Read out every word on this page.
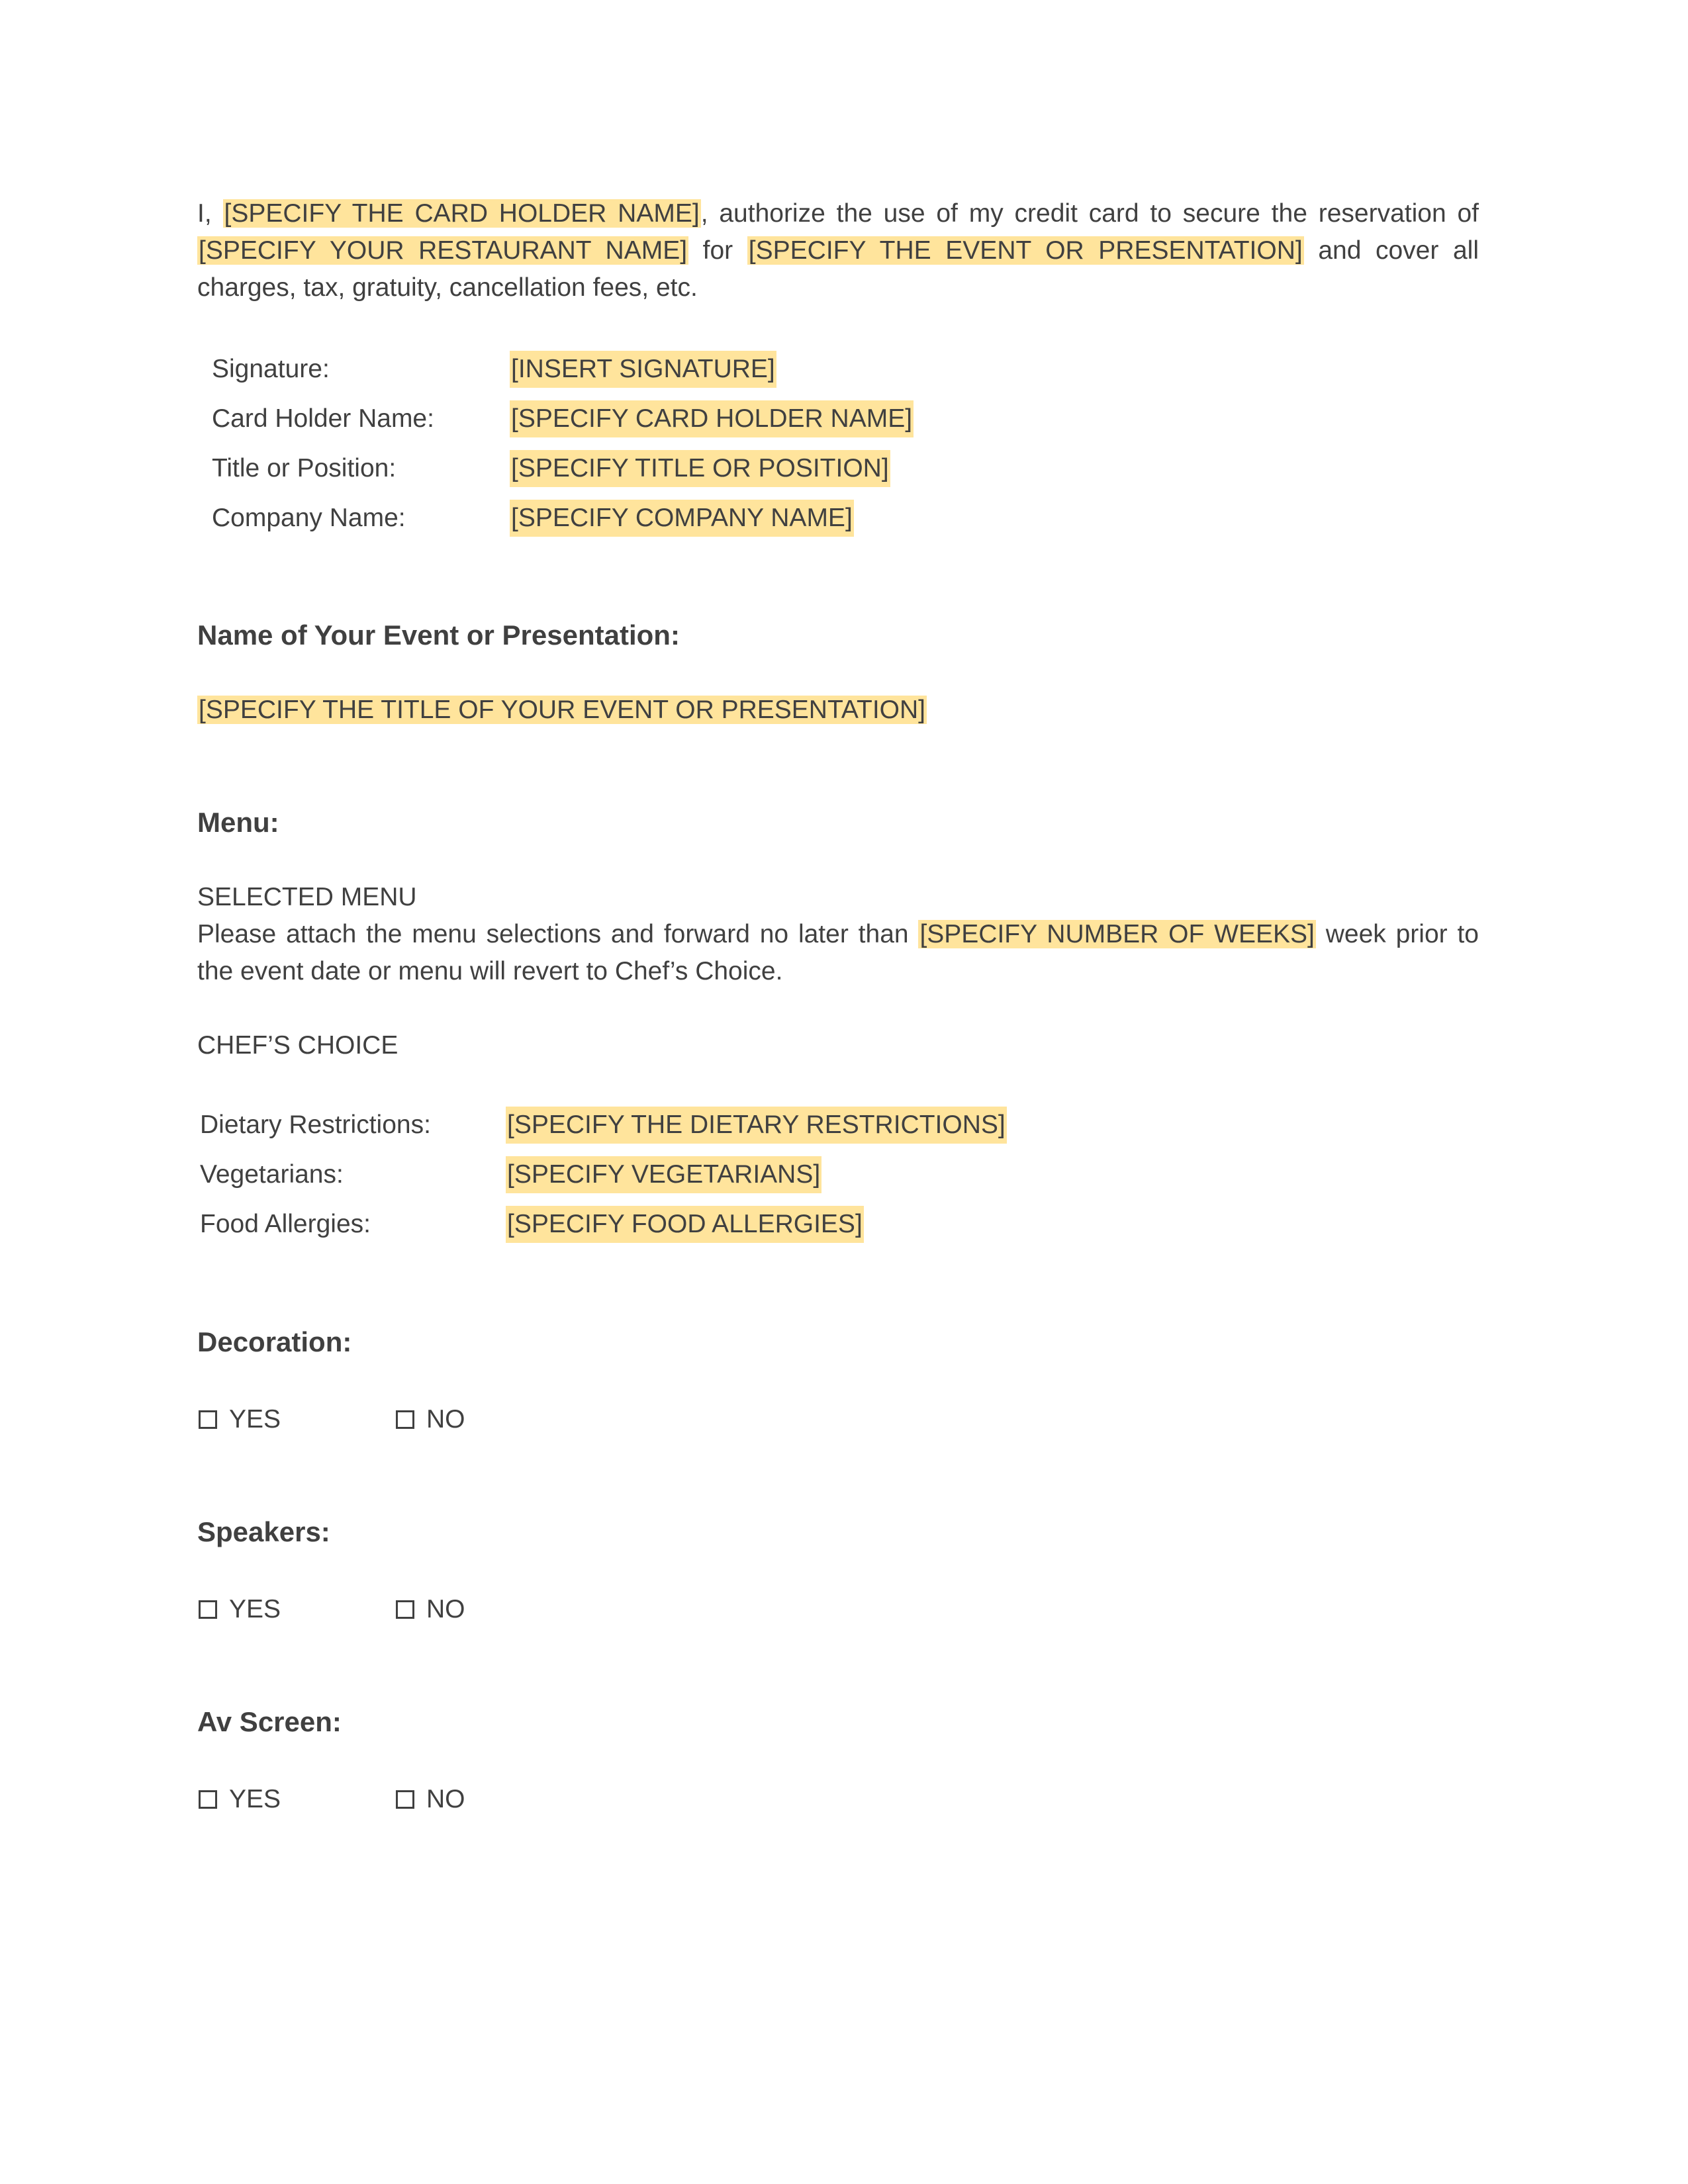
I, [SPECIFY THE CARD HOLDER NAME], authorize the use of my credit card to secure the reservation of [SPECIFY YOUR RESTAURANT NAME] for [SPECIFY THE EVENT OR PRESENTATION] and cover all charges, tax, gratuity, cancellation fees, etc.
Signature:	[INSERT SIGNATURE]
Card Holder Name:	[SPECIFY CARD HOLDER NAME]
Title or Position:	[SPECIFY TITLE OR POSITION]
Company Name:	[SPECIFY COMPANY NAME]
Name of Your Event or Presentation:
[SPECIFY THE TITLE OF YOUR EVENT OR PRESENTATION]
Menu:
SELECTED MENU
Please attach the menu selections and forward no later than [SPECIFY NUMBER OF WEEKS] week prior to the event date or menu will revert to Chef’s Choice.
CHEF’S CHOICE
Dietary Restrictions:	[SPECIFY THE DIETARY RESTRICTIONS]
Vegetarians:	[SPECIFY VEGETARIANS]
Food Allergies:	[SPECIFY FOOD ALLERGIES]
Decoration:
YES	NO
Speakers:
YES	NO
Av Screen:
YES	NO
